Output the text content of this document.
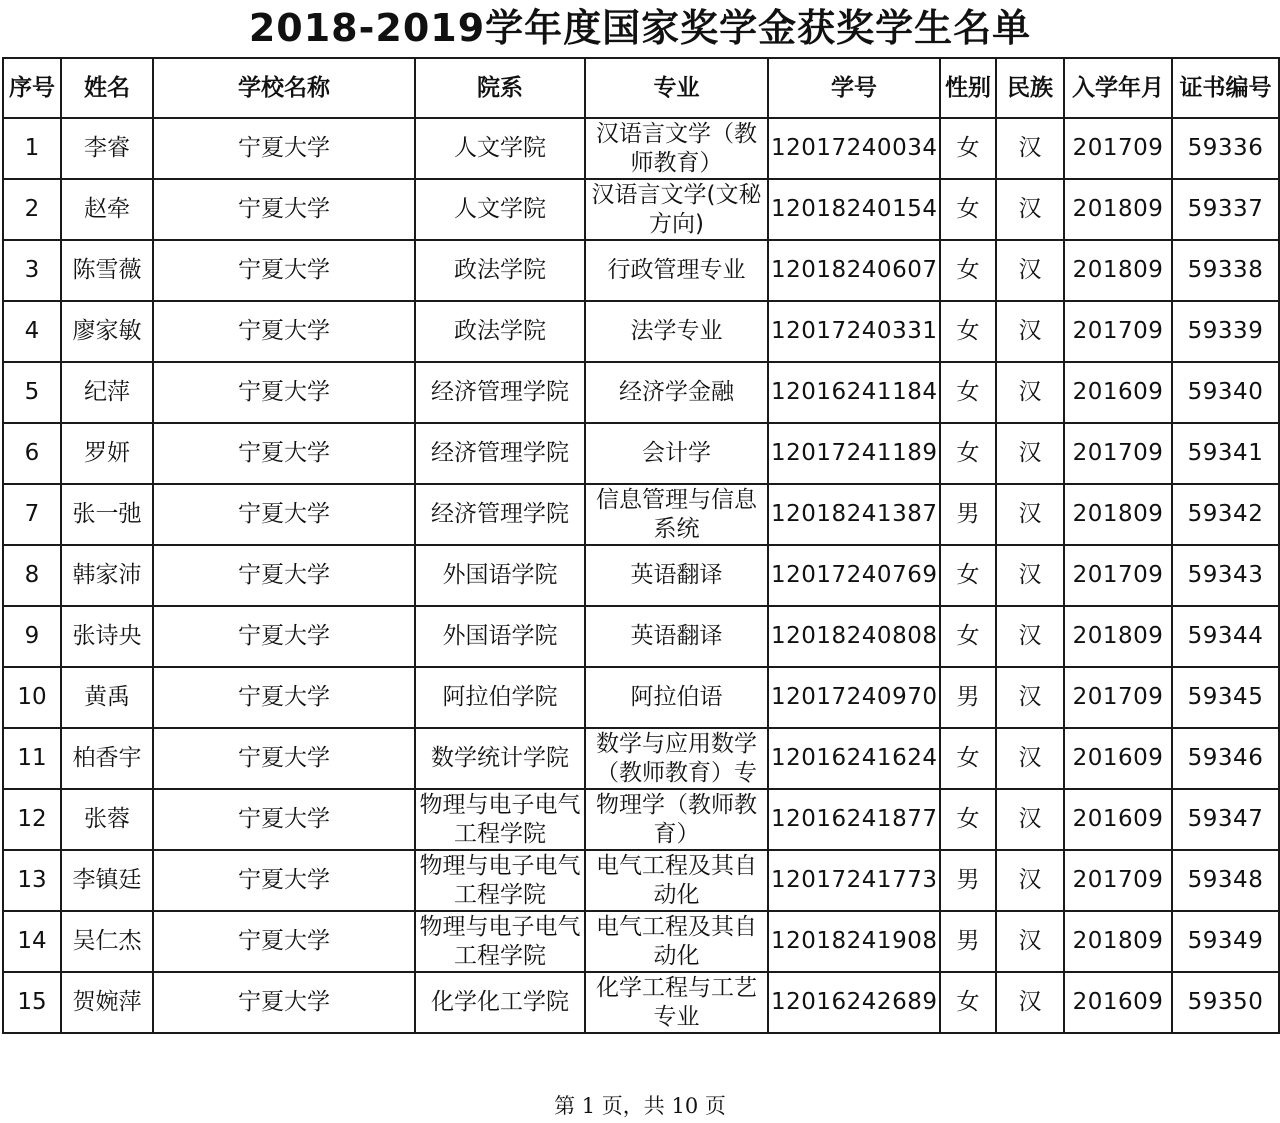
2018-2019学年度国家奖学金获奖学生名单
序号	姓名	学校名称	院系	专业	学号	性别	民族	入学年月	证书编号
1	李睿	宁夏大学	人文学院	汉语言文学（教师教育）	12017240034	女	汉	201709	59336
2	赵牵	宁夏大学	人文学院	汉语言文学(文秘方向)	12018240154	女	汉	201809	59337
3	陈雪薇	宁夏大学	政法学院	行政管理专业	12018240607	女	汉	201809	59338
4	廖家敏	宁夏大学	政法学院	法学专业	12017240331	女	汉	201709	59339
5	纪萍	宁夏大学	经济管理学院	经济学金融	12016241184	女	汉	201609	59340
6	罗妍	宁夏大学	经济管理学院	会计学	12017241189	女	汉	201709	59341
7	张一弛	宁夏大学	经济管理学院	信息管理与信息系统	12018241387	男	汉	201809	59342
8	韩家沛	宁夏大学	外国语学院	英语翻译	12017240769	女	汉	201709	59343
9	张诗央	宁夏大学	外国语学院	英语翻译	12018240808	女	汉	201809	59344
10	黄禹	宁夏大学	阿拉伯学院	阿拉伯语	12017240970	男	汉	201709	59345
11	柏香宇	宁夏大学	数学统计学院	数学与应用数学（教师教育）专	12016241624	女	汉	201609	59346
12	张蓉	宁夏大学	物理与电子电气工程学院	物理学（教师教育）	12016241877	女	汉	201609	59347
13	李镇廷	宁夏大学	物理与电子电气工程学院	电气工程及其自动化	12017241773	男	汉	201709	59348
14	吴仁杰	宁夏大学	物理与电子电气工程学院	电气工程及其自动化	12018241908	男	汉	201809	59349
15	贺婉萍	宁夏大学	化学化工学院	化学工程与工艺专业	12016242689	女	汉	201609	59350
第 1 页，共 10 页
